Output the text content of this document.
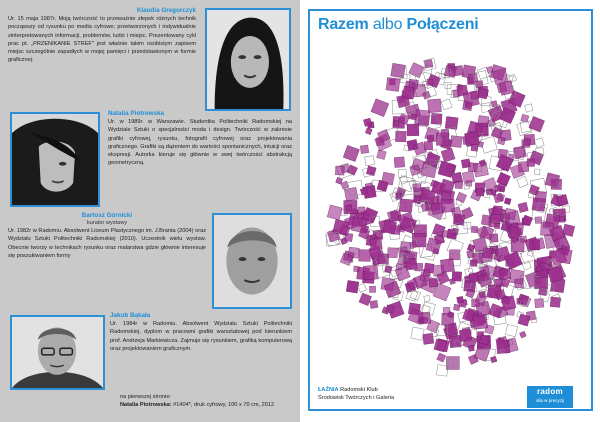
Klaudia Gregorczyk
Ur. 15 maja 1987r. Moją twórczość to przeważnie złepek różnych technik począwszy od rysunku po media cyfrowe; przetworzonych i indywidualnie zinterpretowanych informacji, problemów, ludzi i miejsc. Prezentowany cykl prac pt. „PRZENIKANIE STREF" jest właśnie takim osobistym zapisem miejsc szczególnie zapadłych w mojej pamięci i przedstawionym w formie graficznej.
Natalia Piotrowska
Ur. w 1989r. w Warszawie. Studentka Politechniki Radomskiej na Wydziale Sztuki o specjalności moda i design. Twórczość w zakresie grafiki cyfrowej, rysunku, fotografii cyfrowej oraz projektowania graficznego. Grafiki są dążeniem do wartości spontanicznych, intuicji oraz ekspresji. Autorka kieruje się głównie w swej twórczości abstrakcją geometryczną.
Bartosz Górnicki
kurator wystawy
Ur. 1982r w Radomiu. Absolwent Liceum Plastycznego im. J.Branta (2004) oraz Wydziału Sztuki Politechniki Radomskiej (2010). Uczestnik wielu wystaw. Obecnie tworzy w technikach rysunku oraz malarstwa gdzie głównie interesuje się poszukiwaniem formy
Jakub Bąkała
Ur. 1984r w Radomiu. Absolwent Wydziału Sztuki Politechniki Radomskiej, dyplom w pracowni grafiki warsztatowej pod kierunkiem prof. Andrzeja Markiewicza. Zajmuje się rysunkiem, grafiką komputerową oraz projektowaniem graficznym.
na pierwszej stronie:
Natalia Piotrowska: #1404*, druk cyfrowy, 100 x 70 cm, 2012
Razem albo Połączeni
ŁAŹNIA Radomski Klub
Środowisk Twórczych i Galeria
radom
siła w precyzji
